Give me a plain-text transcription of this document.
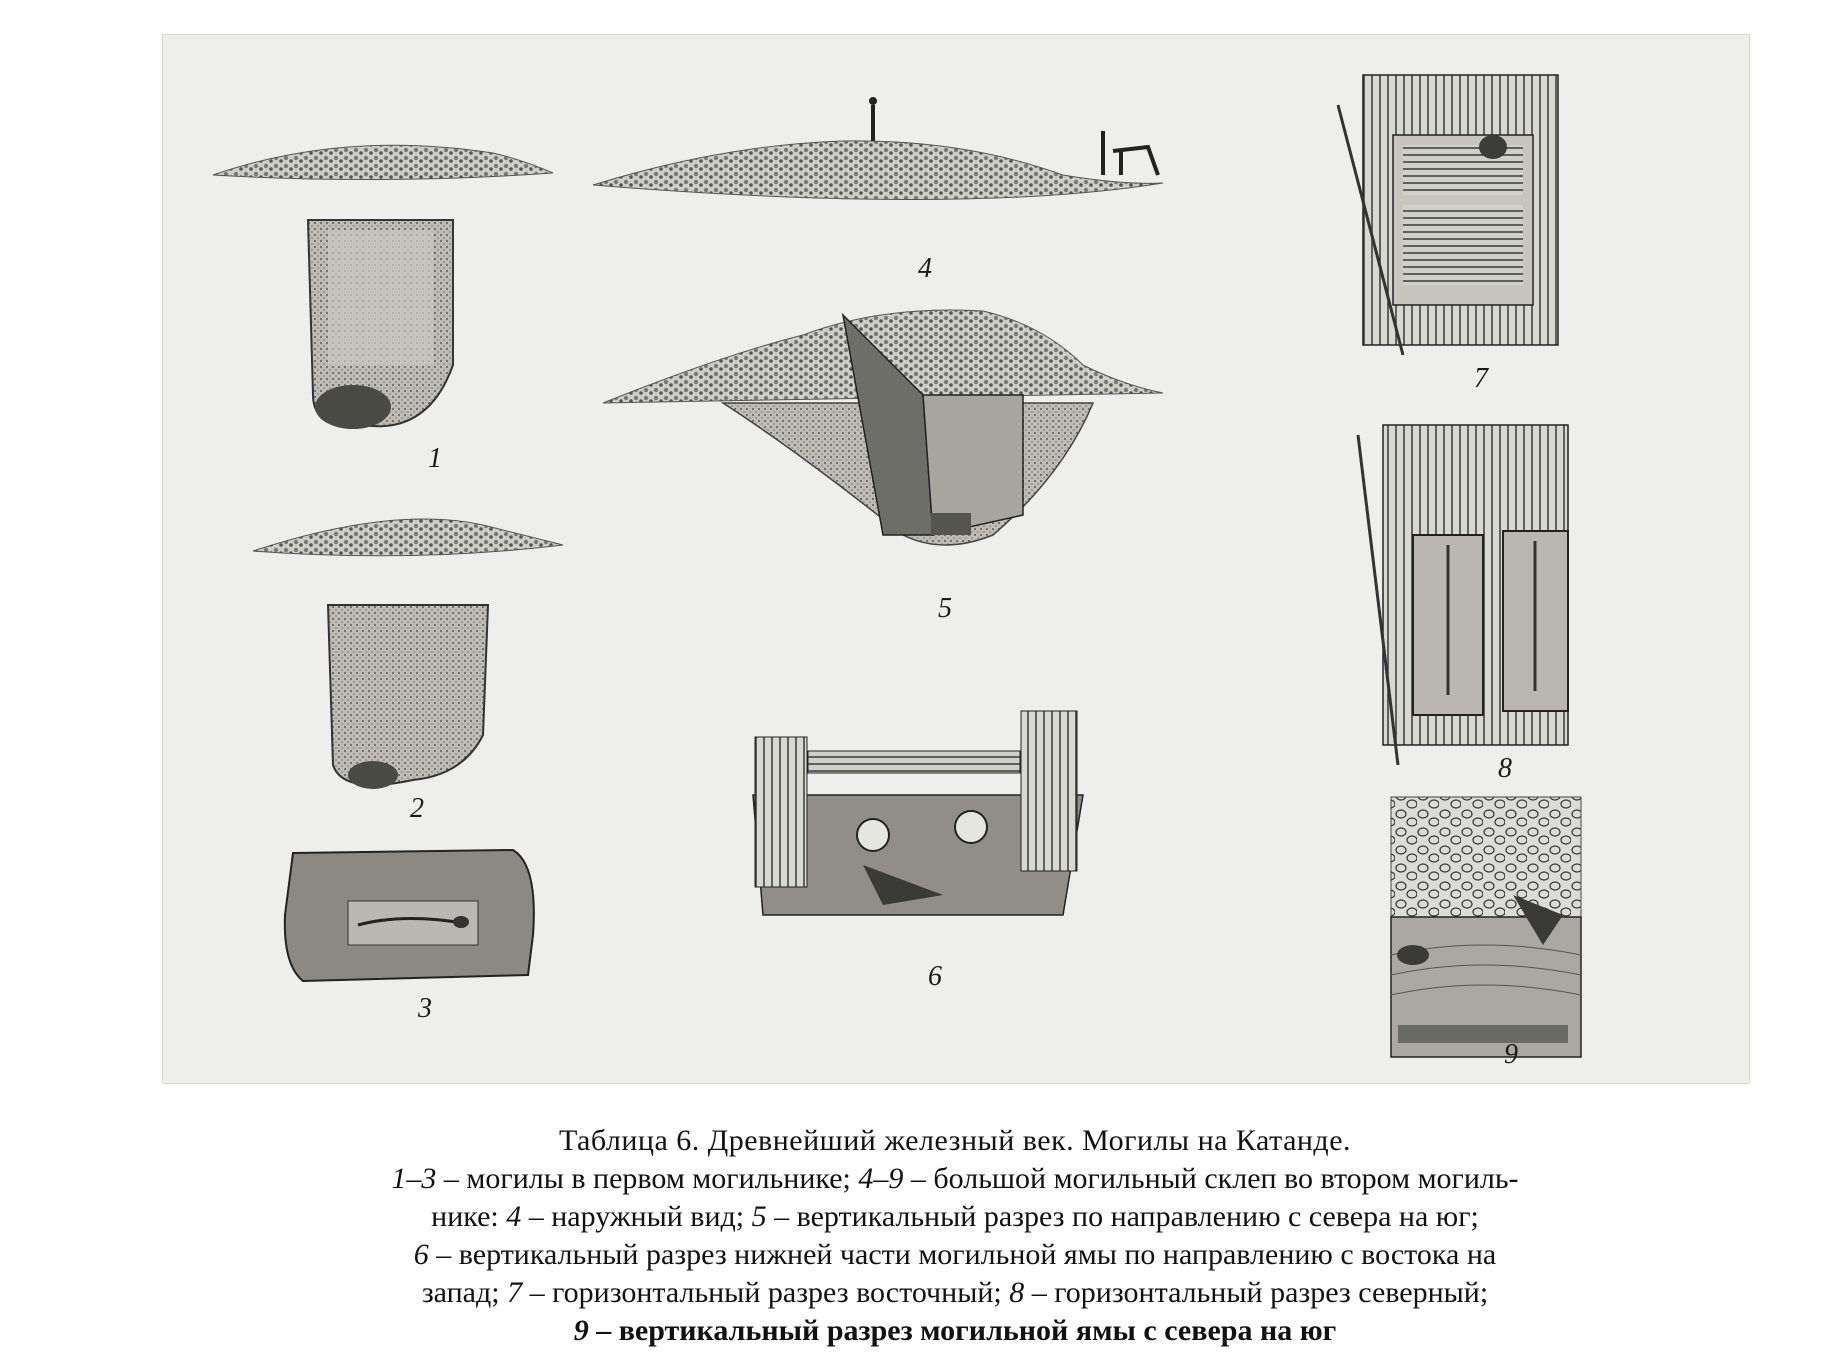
1
2
3
4
5
6
7
8
9
Таблица 6. Древнейший железный век. Могилы на Катанде.
1–3 – могилы в первом могильнике; 4–9 – большой могильный склеп во втором могиль-
нике: 4 – наружный вид; 5 – вертикальный разрез по направлению с севера на юг;
6 – вертикальный разрез нижней части могильной ямы по направлению с востока на
запад; 7 – горизонтальный разрез восточный; 8 – горизонтальный разрез северный;
9 – вертикальный разрез могильной ямы с севера на юг
